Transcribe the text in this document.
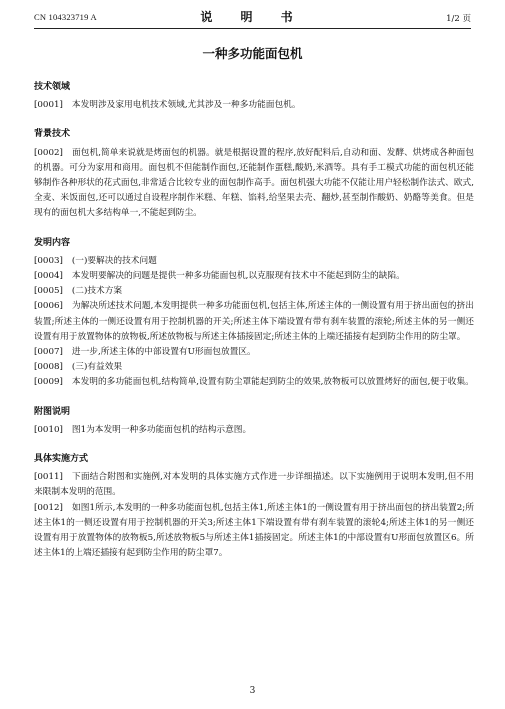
CN 104323719 A	说 明 书	1/2 页
一种多功能面包机

技术领域

[0001] 本发明涉及家用电机技术领域,尤其涉及一种多功能面包机。

背景技术

[0002] 面包机,简单来说就是烤面包的机器。就是根据设置的程序,放好配料后,自动和面、发酵、烘烤成各种面包的机器。可分为家用和商用。面包机不但能制作面包,还能制作蛋糕,酸奶,米酒等。具有手工模式功能的面包机还能够制作各种形状的花式面包,非常适合比较专业的面包制作高手。面包机强大功能不仅能让用户轻松制作法式、欧式,全麦、米饭面包,还可以通过自设程序制作米糕、年糕、馅料,给坚果去壳、翻炒,甚至制作酸奶、奶酪等美食。但是现有的面包机大多结构单一,不能起到防尘。

发明内容

[0003] (一)要解决的技术问题

[0004] 本发明要解决的问题是提供一种多功能面包机,以克服现有技术中不能起到防尘的缺陷。

[0005] (二)技术方案

[0006] 为解决所述技术问题,本发明提供一种多功能面包机,包括主体,所述主体的一侧设置有用于挤出面包的挤出装置;所述主体的一侧还设置有用于控制机器的开关;所述主体下端设置有带有刹车装置的滚轮;所述主体的另一侧还设置有用于放置物体的放物板,所述放物板与所述主体插接固定;所述主体的上端还插接有起到防尘作用的防尘罩。

[0007] 进一步,所述主体的中部设置有U形面包放置区。

[0008] (三)有益效果

[0009] 本发明的多功能面包机,结构简单,设置有防尘罩能起到防尘的效果,放物板可以放置烤好的面包,便于收集。

附图说明

[0010] 图1为本发明一种多功能面包机的结构示意图。

具体实施方式

[0011] 下面结合附图和实施例,对本发明的具体实施方式作进一步详细描述。以下实施例用于说明本发明,但不用来限制本发明的范围。

[0012] 如图1所示,本发明的一种多功能面包机,包括主体1,所述主体1的一侧设置有用于挤出面包的挤出装置2;所述主体1的一侧还设置有用于控制机器的开关3;所述主体1下端设置有带有刹车装置的滚轮4;所述主体1的另一侧还设置有用于放置物体的放物板5,所述放物板5与所述主体1插接固定。所述主体1的中部设置有U形面包放置区6。所述主体1的上端还插接有起到防尘作用的防尘罩7。

3
